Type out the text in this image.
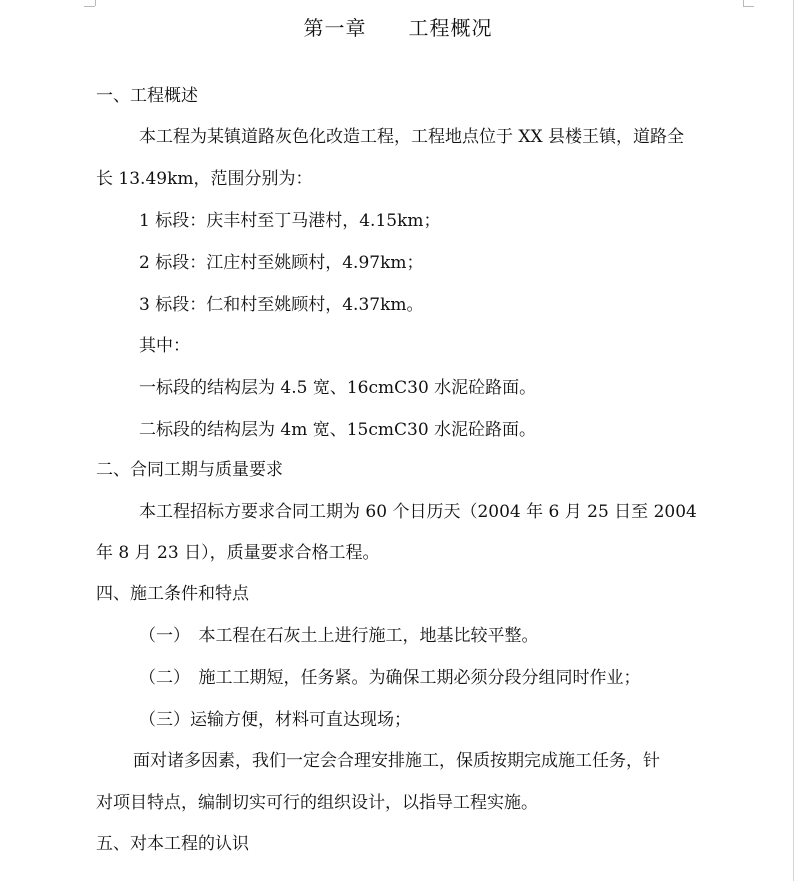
第一章　　工程概况
一、工程概述
本工程为某镇道路灰色化改造工程，工程地点位于 XX 县楼王镇，道路全
长 13.49km，范围分别为：
1 标段：庆丰村至丁马港村，4.15km；
2 标段：江庄村至姚顾村，4.97km；
3 标段：仁和村至姚顾村，4.37km。
其中：
一标段的结构层为 4.5 宽、16cmC30 水泥砼路面。
二标段的结构层为 4m 宽、15cmC30 水泥砼路面。
二、合同工期与质量要求
本工程招标方要求合同工期为 60 个日历天（2004 年 6 月 25 日至 2004
年 8 月 23 日），质量要求合格工程。
四、施工条件和特点
（一）　本工程在石灰土上进行施工，地基比较平整。
（二）　施工工期短，任务紧。为确保工期必须分段分组同时作业；
（三）运输方便，材料可直达现场；
面对诸多因素，我们一定会合理安排施工，保质按期完成施工任务，针
对项目特点，编制切实可行的组织设计，以指导工程实施。
五、对本工程的认识
